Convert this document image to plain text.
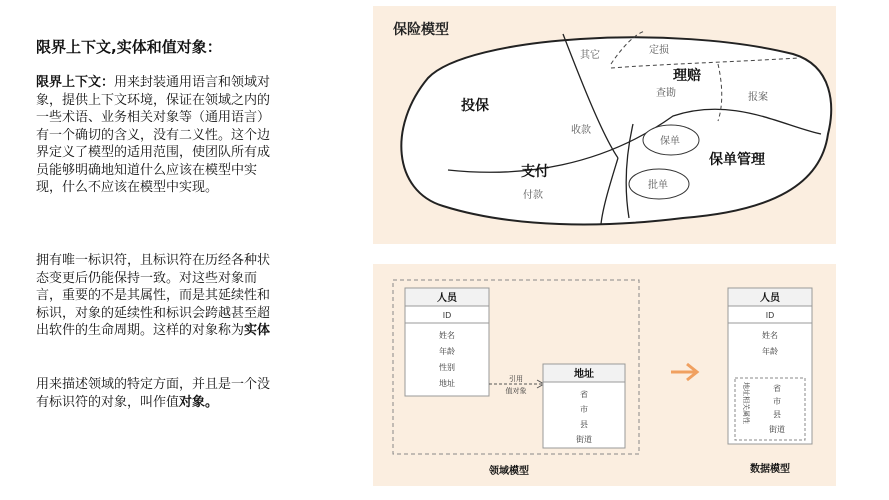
限界上下文,实体和值对象：
限界上下文：用来封装通用语言和领域对象，提供上下文环境，保证在领域之内的一些术语、业务相关对象等（通用语言）有一个确切的含义，没有二义性。这个边界定义了模型的适用范围，使团队所有成员能够明确地知道什么应该在模型中实现，什么不应该在模型中实现。
拥有唯一标识符，且标识符在历经各种状态变更后仍能保持一致。对这些对象而言，重要的不是其属性，而是其延续性和标识，对象的延续性和标识会跨越甚至超出软件的生命周期。这样的对象称为实体
用来描述领域的特定方面，并且是一个没有标识符的对象，叫作值对象。
保险模型
投保
理赔
支付
保单管理
其它	定损
查勘	报案
收款
付款
保单
批单
人员
ID
姓名
年龄
性别
地址	引用
值对象
地址
省
市
县
街道
领域模型
人员
ID
姓名
年龄
省
市
县
街道
地址相关属性
数据模型
